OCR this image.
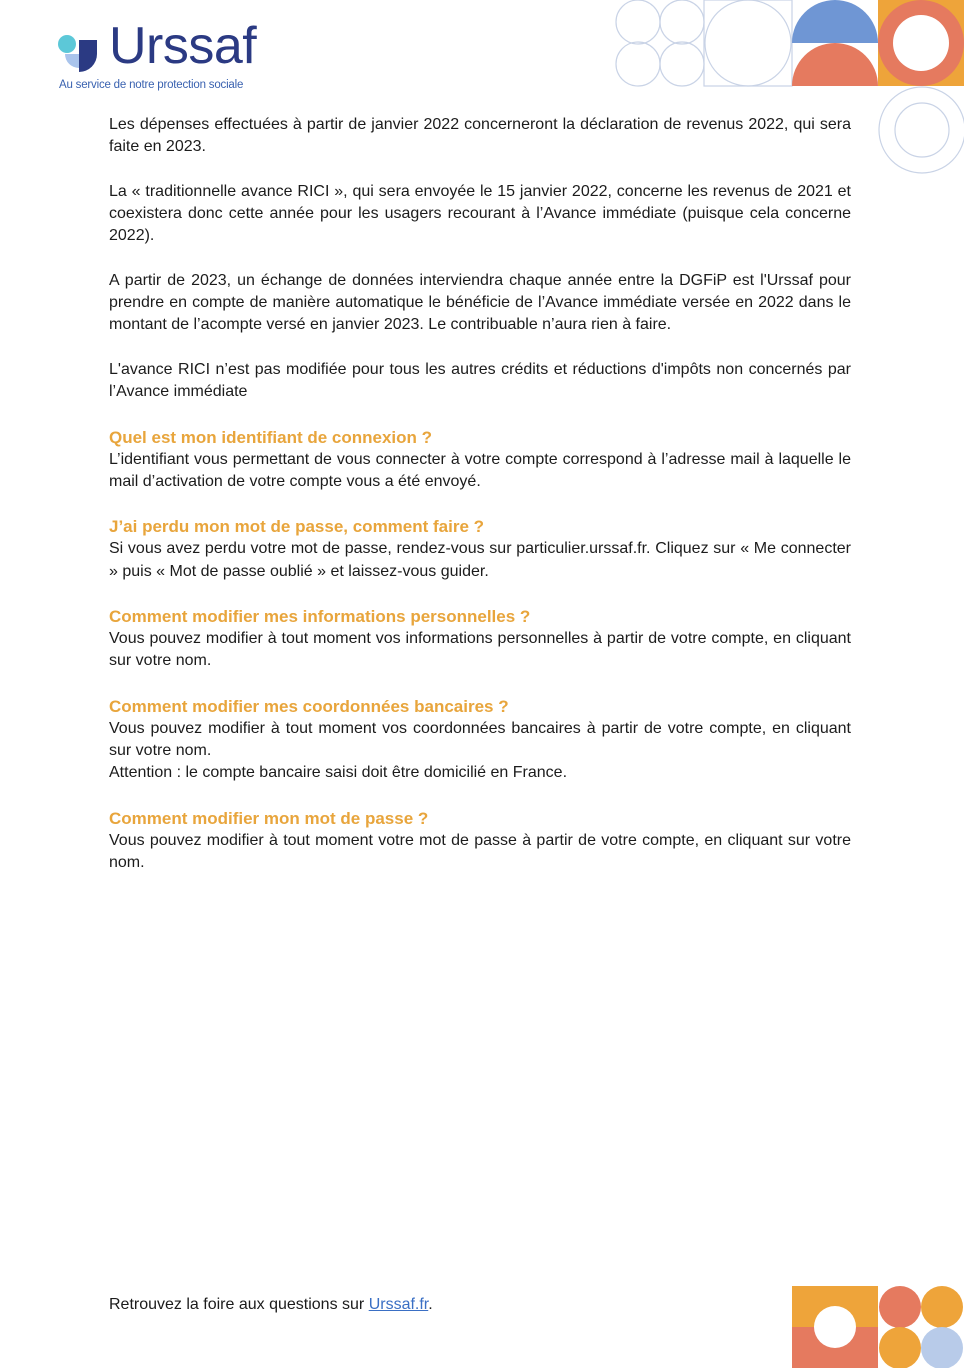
Urssaf
Au service de notre protection sociale

Les dépenses effectuées à partir de janvier 2022 concerneront la déclaration de revenus 2022, qui sera faite en 2023.

La « traditionnelle avance RICI », qui sera envoyée le 15 janvier 2022, concerne les revenus de 2021 et coexistera donc cette année pour les usagers recourant à l’Avance immédiate (puisque cela concerne 2022).

A partir de 2023, un échange de données interviendra chaque année entre la DGFiP est l'Urssaf pour prendre en compte de manière automatique le bénéficie de l’Avance immédiate versée en 2022 dans le montant de l’acompte versé en janvier 2023. Le contribuable n’aura rien à faire.

L'avance RICI n’est pas modifiée pour tous les autres crédits et réductions d'impôts non concernés par l’Avance immédiate

Quel est mon identifiant de connexion ?

L’identifiant vous permettant de vous connecter à votre compte correspond à l’adresse mail à laquelle le mail d’activation de votre compte vous a été envoyé.

J’ai perdu mon mot de passe, comment faire ?

Si vous avez perdu votre mot de passe, rendez-vous sur particulier.urssaf.fr. Cliquez sur « Me connecter » puis « Mot de passe oublié » et laissez-vous guider.

Comment modifier mes informations personnelles ?

Vous pouvez modifier à tout moment vos informations personnelles à partir de votre compte, en cliquant sur votre nom.

Comment modifier mes coordonnées bancaires ?

Vous pouvez modifier à tout moment vos coordonnées bancaires à partir de votre compte, en cliquant sur votre nom.

Attention : le compte bancaire saisi doit être domicilié en France.

Comment modifier mon mot de passe ?

Vous pouvez modifier à tout moment votre mot de passe à partir de votre compte, en cliquant sur votre nom.

Retrouvez la foire aux questions sur Urssaf.fr.
